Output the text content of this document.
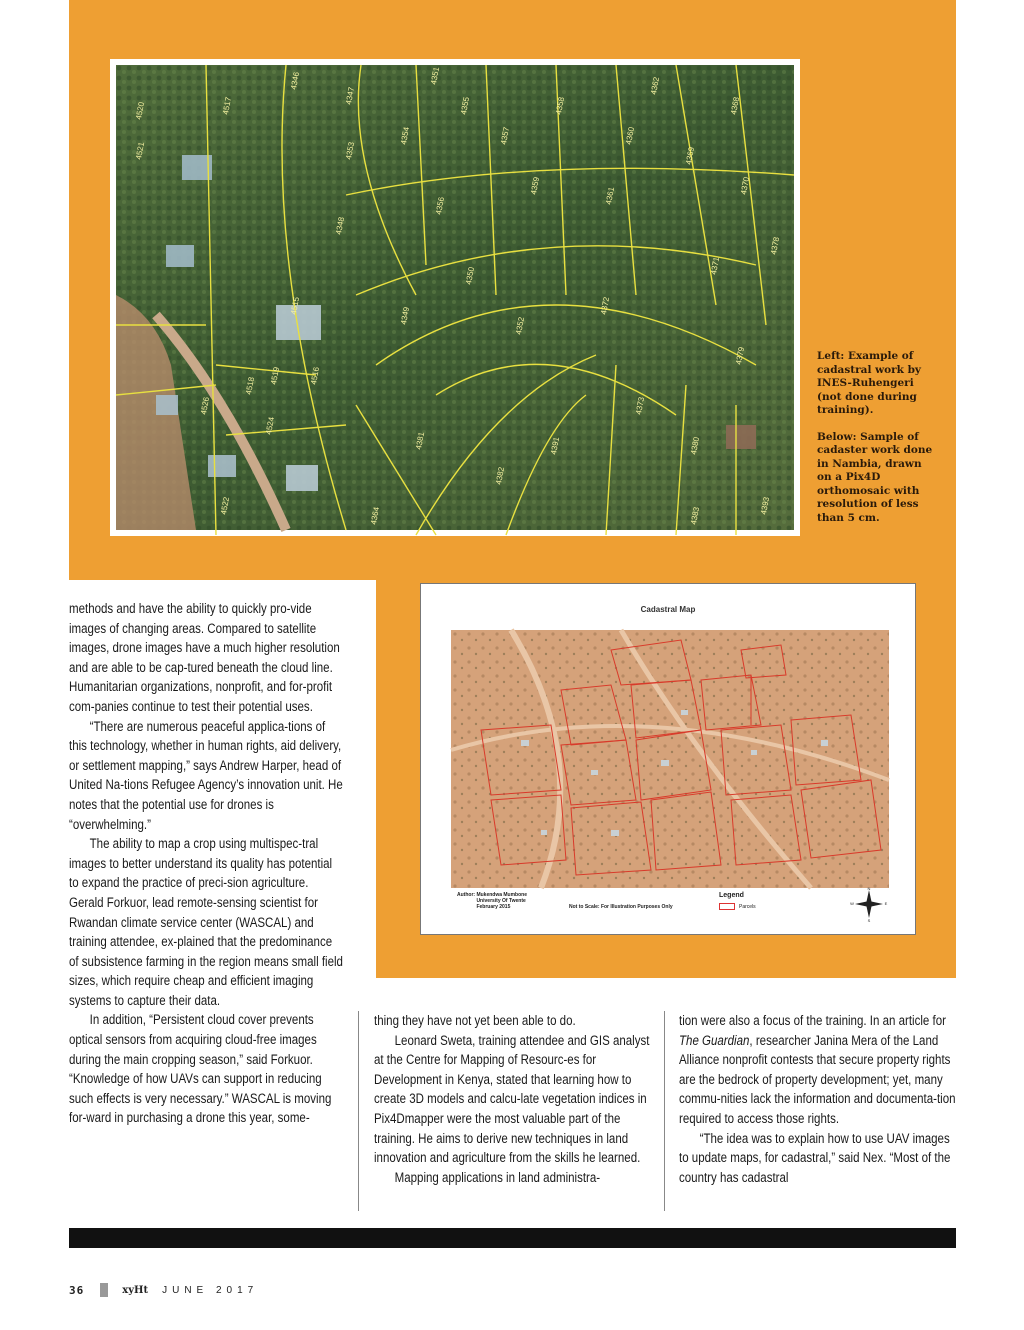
4520
4521
4517
4346
4347
4351
4355	4358
4362
4368
4354	4357	4360
4369
4353
4356
4359
4361
4370
4348
4349
4350
4352
4372
4373
4371
4379
4378
4515
4518
4519	4516
4526
4522
4524
4364
4381
4382
4391	4380
4383
4393

Left: Example of cadastral work by INES-Ruhengeri (not done during training).

Below: Sample of cadaster work done in Nambia, drawn on a Pix4D orthomosaic with resolution of less than 5 cm.

Cadastral Map
Author: Mukendwa Mumbone
University Of Twente
February 2015	Not to Scale: For Illustration Purposes Only
Legend
Parcels
N
S
E
W

methods and have the ability to quickly pro-vide images of changing areas. Compared to satellite images, drone images have a much higher resolution and are able to be cap-tured beneath the cloud line. Humanitarian organizations, nonprofit, and for-profit com-panies continue to test their potential uses.

“There are numerous peaceful applica-tions of this technology, whether in human rights, aid delivery, or settlement mapping,” says Andrew Harper, head of United Na-tions Refugee Agency’s innovation unit. He notes that the potential use for drones is “overwhelming.”

The ability to map a crop using multispec-tral images to better understand its quality has potential to expand the practice of preci-sion agriculture. Gerald Forkuor, lead remote-sensing scientist for Rwandan climate service center (WASCAL) and training attendee, ex-plained that the predominance of subsistence farming in the region means small field sizes, which require cheap and efficient imaging systems to capture their data.

In addition, “Persistent cloud cover prevents optical sensors from acquiring cloud-free images during the main cropping season,” said Forkuor. “Knowledge of how UAVs can support in reducing such effects is very necessary.” WASCAL is moving for-ward in purchasing a drone this year, some-

thing they have not yet been able to do.

Leonard Sweta, training attendee and GIS analyst at the Centre for Mapping of Resourc-es for Development in Kenya, stated that learning how to create 3D models and calcu-late vegetation indices in Pix4Dmapper were the most valuable part of the training. He aims to derive new techniques in land innovation and agriculture from the skills he learned.

Mapping applications in land administra-

tion were also a focus of the training. In an article for The Guardian, researcher Janina Mera of the Land Alliance nonprofit contests that secure property rights are the bedrock of property development; yet, many commu-nities lack the information and documenta-tion required to access those rights.

“The idea was to explain how to use UAV images to update maps, for cadastral,” said Nex. “Most of the country has cadastral

36	xyHt JUNE 2017
